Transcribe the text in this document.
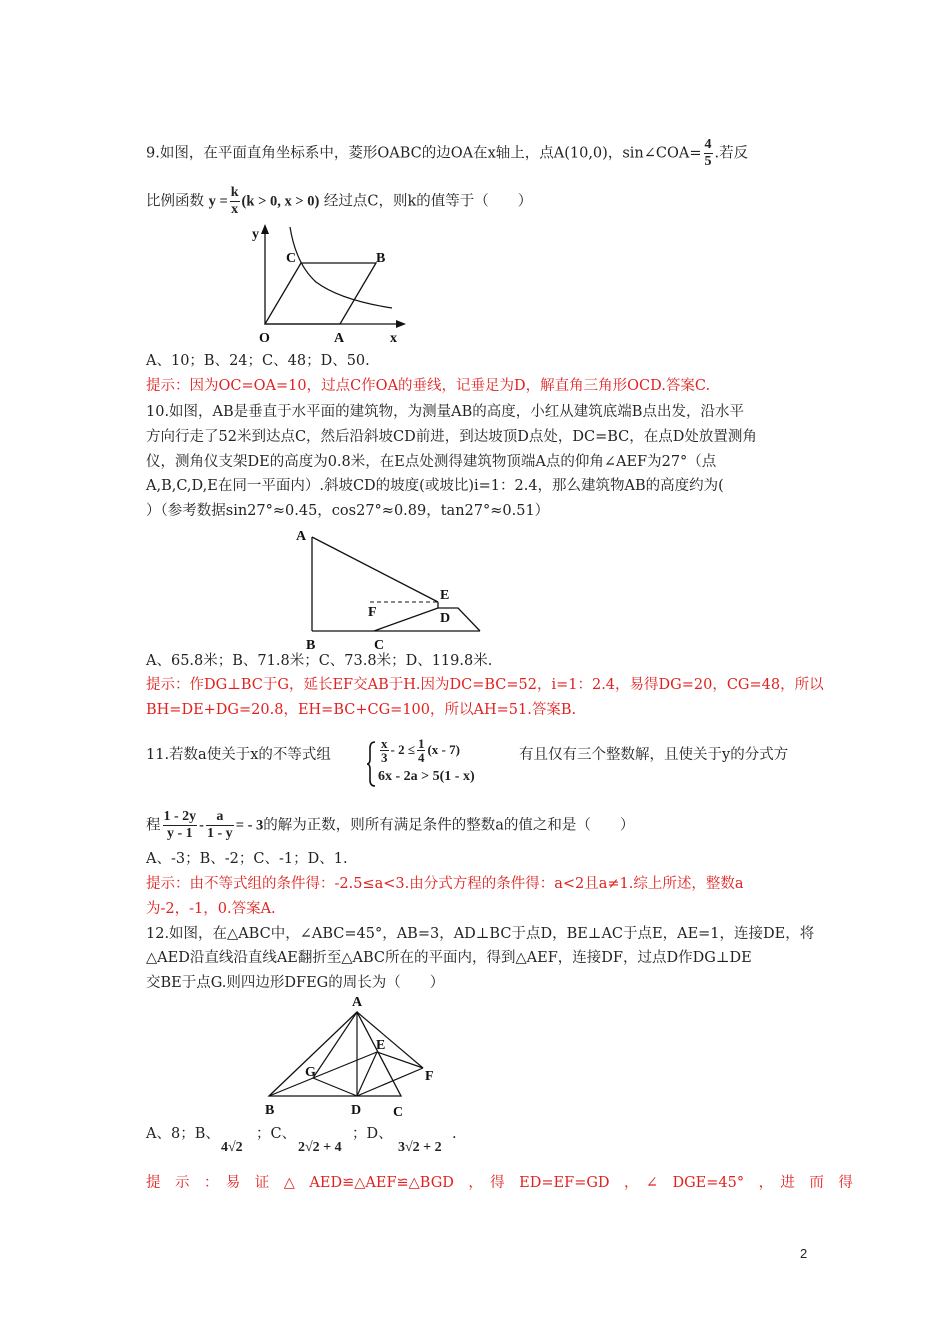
9.如图，在平面直角坐标系中，菱形OABC的边OA在x轴上，点A(10,0)，sin∠COA= $\frac{4}{5}$ .若反
比例函数 $y = \frac{k}{x} (k > 0$, x > 0) 经过点C，则k的值等于（　　）
y
x
O	A
B
C
A、10；B、24；C、48；D、50.
提示：因为OC=OA=10，过点C作OA的垂线，记垂足为D，解直角三角形OCD.答案C.
10.如图，AB是垂直于水平面的建筑物，为测量AB的高度，小红从建筑底端B点出发，沿水平
方向行走了52米到达点C，然后沿斜坡CD前进，到达坡顶D点处，DC=BC，在点D处放置测角
仪，测角仪支架DE的高度为0.8米，在E点处测得建筑物顶端A点的仰角∠AEF为27°（点
A,B,C,D,E在同一平面内）.斜坡CD的坡度(或坡比)i=1：2.4，那么建筑物AB的高度约为(
）（参考数据sin27°≈0.45，cos27°≈0.89，tan27°≈0.51）
A
B	C
D
E
F
A、65.8米；B、71.8米；C、73.8米；D、119.8米.
提示：作DG⊥BC于G，延长EF交AB于H.因为DC=BC=52，i=1：2.4，易得DG=20，CG=48，所以
BH=DE+DG=20.8，EH=BC+CG=100，所以AH=51.答案B.
11.若数a使关于x的不等式组	$\frac{x}{3} - 2 \le \frac{1}{4} (x - 7)$
6x - 2a > 5(1 - x)
有且仅有三个整数解，且使关于y的分式方
程 $\frac{1 - 2y}{y - 1} - \frac{a}{1 - y}$ = - 3的解为正数，则所有满足条件的整数a的值之和是（　　）
A、-3；B、-2；C、-1；D、1.
提示：由不等式组的条件得：-2.5≤a<3.由分式方程的条件得：a<2且a≠1.综上所述，整数a
为-2，-1，0.答案A.
12.如图，在△ABC中，∠ABC=45°，AB=3，AD⊥BC于点D，BE⊥AC于点E，AE=1，连接DE，将
△AED沿直线沿直线AE翻折至△ABC所在的平面内，得到△AEF，连接DF，过点D作DG⊥DE
交BE于点G.则四边形DFEG的周长为（　　）
A
B	C
D
E
F
G
A、8；B、
4√2
；C、
2√2 + 4
；D、
3√2 + 2
.
提　示　：　易　证　△　AED≌△AEF≌△BGD　，　得　ED=EF=GD　，　∠　DGE=45°　，　进　而　得
2
